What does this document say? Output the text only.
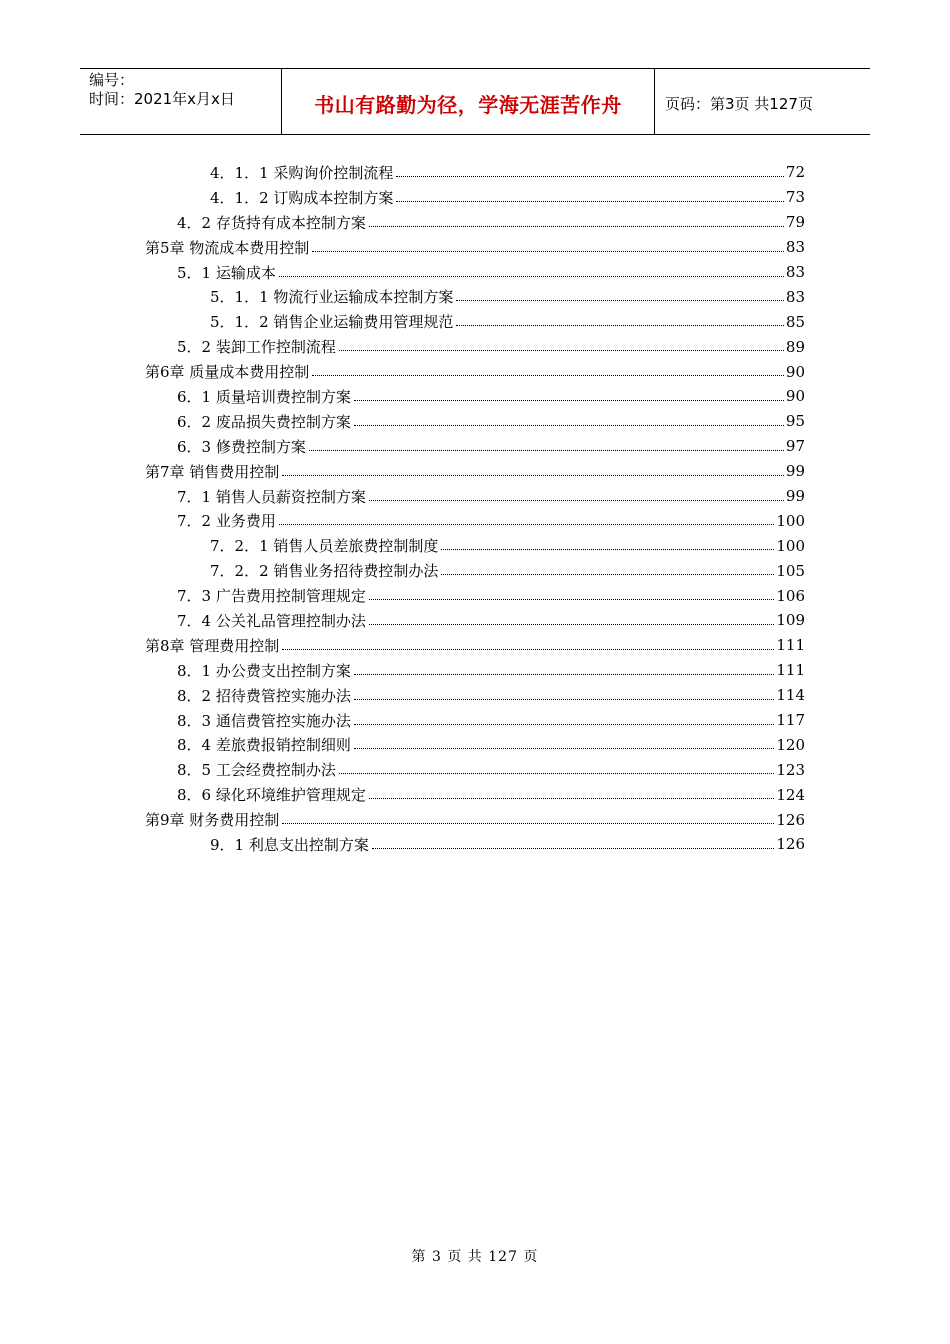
编号：
时间：2021年x月x日	书山有路勤为径，学海无涯苦作舟	页码：第3页 共127页
4．1．1 采购询价控制流程	72
4．1．2 订购成本控制方案	73
4．2 存货持有成本控制方案	79
第5章 物流成本费用控制	83
5．1 运输成本	83
5．1．1 物流行业运输成本控制方案	83
5．1．2 销售企业运输费用管理规范	85
5．2 装卸工作控制流程	89
第6章 质量成本费用控制	90
6．1 质量培训费控制方案	90
6．2 废品损失费控制方案	95
6．3 修费控制方案	97
第7章 销售费用控制	99
7．1 销售人员薪资控制方案	99
7．2 业务费用	100
7．2．1 销售人员差旅费控制制度	100
7．2．2 销售业务招待费控制办法	105
7．3 广告费用控制管理规定	106
7．4 公关礼品管理控制办法	109
第8章 管理费用控制	111
8．1 办公费支出控制方案	111
8．2 招待费管控实施办法	114
8．3 通信费管控实施办法	117
8．4 差旅费报销控制细则	120
8．5 工会经费控制办法	123
8．6 绿化环境维护管理规定	124
第9章 财务费用控制	126
9．1 利息支出控制方案	126
第 3 页 共 127 页
